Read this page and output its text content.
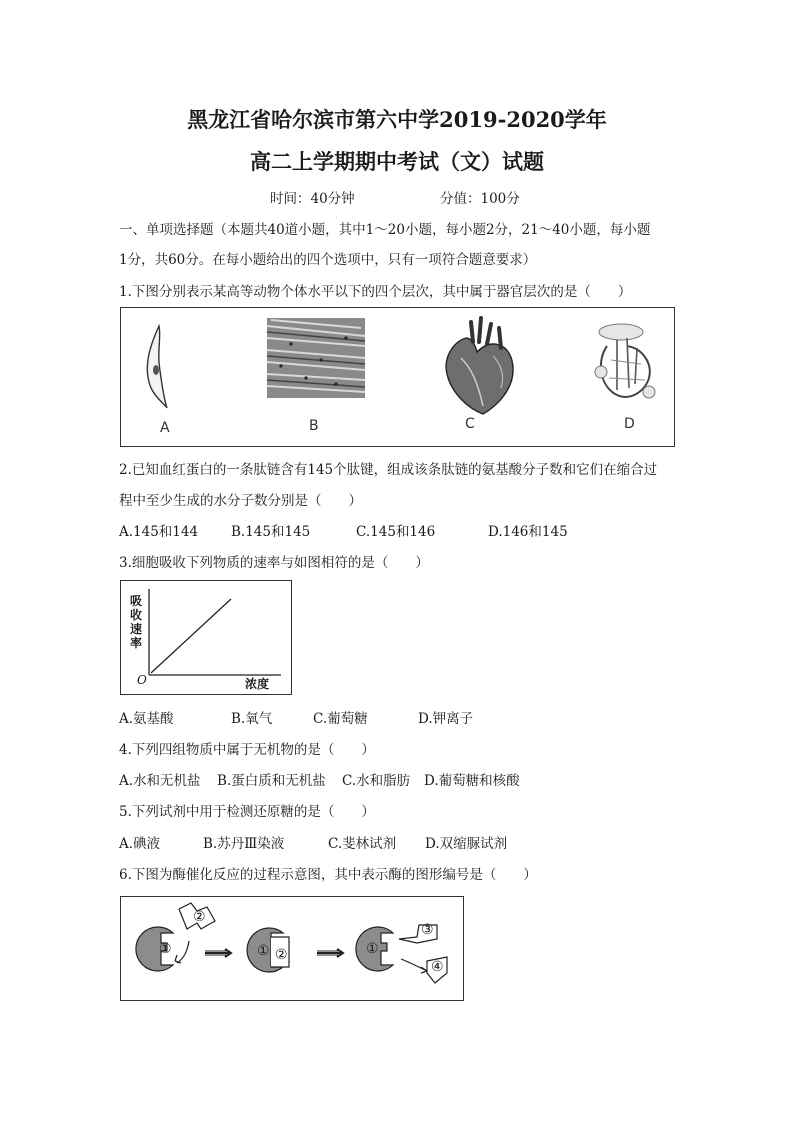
黑龙江省哈尔滨市第六中学2019-2020学年
高二上学期期中考试（文）试题
时间：40分钟	分值：100分
一、单项选择题（本题共40道小题，其中1～20小题，每小题2分，21～40小题，每小题
1分，共60分。在每小题给出的四个选项中，只有一项符合题意要求）
1.下图分别表示某高等动物个体水平以下的四个层次，其中属于器官层次的是（　　）
A	B	C	D
2.已知血红蛋白的一条肽链含有145个肽键，组成该条肽链的氨基酸分子数和它们在缩合过
程中至少生成的水分子数分别是（　　）
A.145和144 B.145和145	C.145和146	D.146和145
3.细胞吸收下列物质的速率与如图相符的是（　　）
吸
收
速
率
O	浓度
A.氨基酸	B.氧气	C.葡萄糖	D.钾离子
4.下列四组物质中属于无机物的是（　　）
A.水和无机盐 B.蛋白质和无机盐 C.水和脂肪 D.葡萄糖和核酸
5.下列试剂中用于检测还原糖的是（　　）
A.碘液	B.苏丹Ⅲ染液	C.斐林试剂 D.双缩脲试剂
6.下图为酶催化反应的过程示意图，其中表示酶的图形编号是（　　）
①
②
① ②	①
③
④
